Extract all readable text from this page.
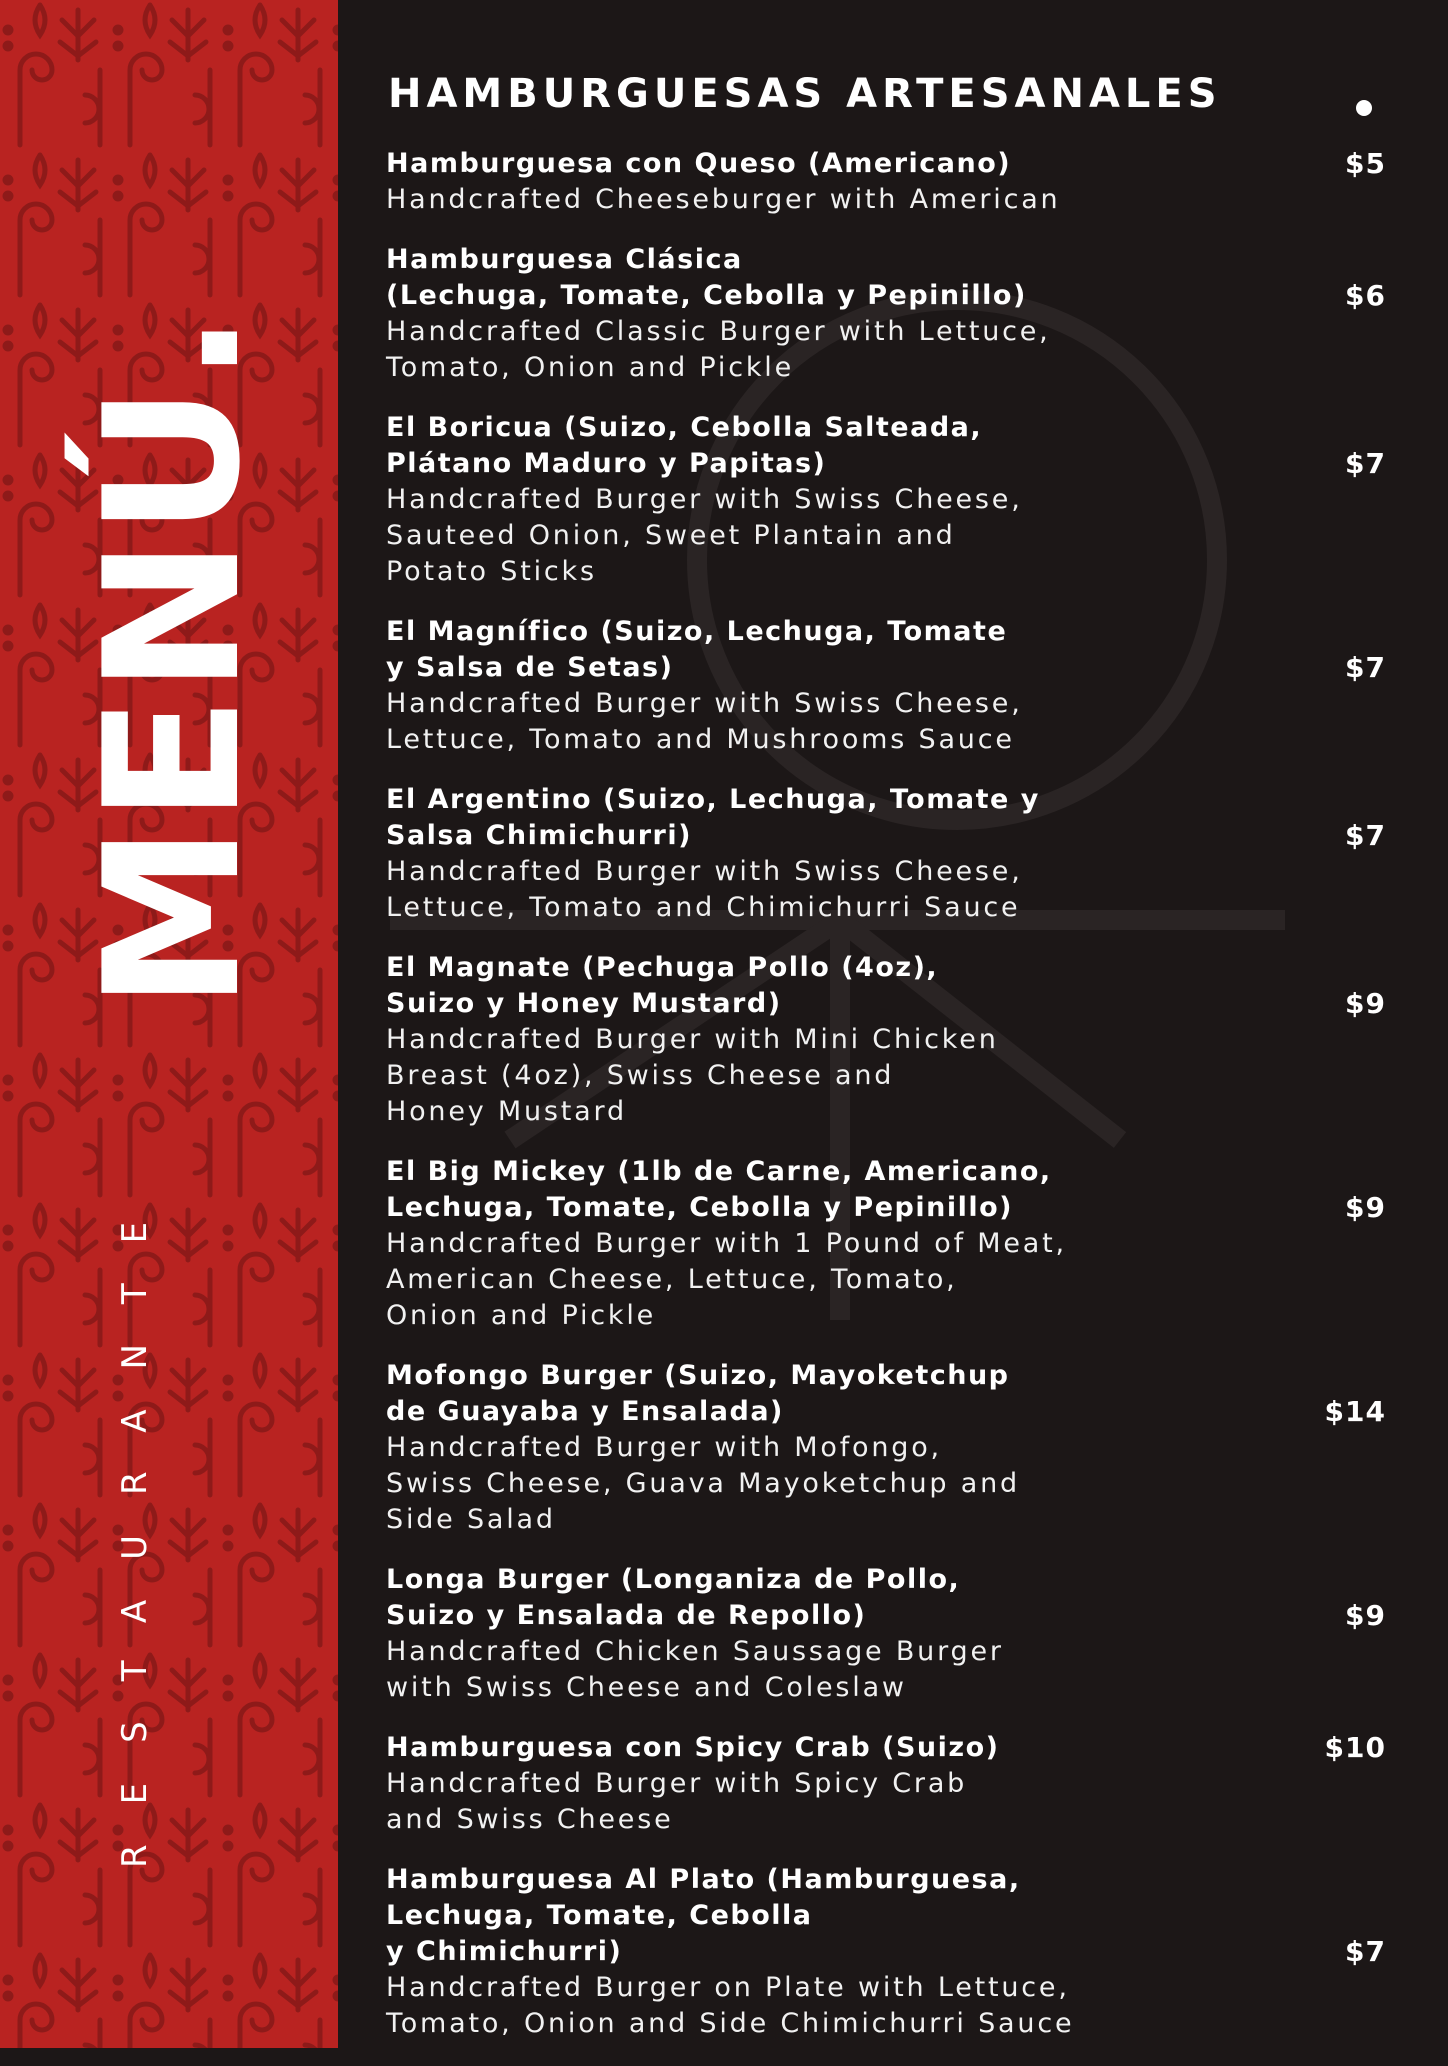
MENÚ.
RESTAURANTE
HAMBURGUESAS ARTESANALES
Hamburguesa con Queso (Americano)	$5
Handcrafted Cheeseburger with American
Hamburguesa Clásica
(Lechuga, Tomate, Cebolla y Pepinillo)	$6
Handcrafted Classic Burger with Lettuce,
Tomato, Onion and Pickle
El Boricua (Suizo, Cebolla Salteada,
Plátano Maduro y Papitas)	$7
Handcrafted Burger with Swiss Cheese,
Sauteed Onion, Sweet Plantain and
Potato Sticks
El Magnífico (Suizo, Lechuga, Tomate
y Salsa de Setas)	$7
Handcrafted Burger with Swiss Cheese,
Lettuce, Tomato and Mushrooms Sauce
El Argentino (Suizo, Lechuga, Tomate y
Salsa Chimichurri)	$7
Handcrafted Burger with Swiss Cheese,
Lettuce, Tomato and Chimichurri Sauce
El Magnate (Pechuga Pollo (4oz),
Suizo y Honey Mustard)	$9
Handcrafted Burger with Mini Chicken
Breast (4oz), Swiss Cheese and
Honey Mustard
El Big Mickey (1lb de Carne, Americano,
Lechuga, Tomate, Cebolla y Pepinillo)	$9
Handcrafted Burger with 1 Pound of Meat,
American Cheese, Lettuce, Tomato,
Onion and Pickle
Mofongo Burger (Suizo, Mayoketchup
de Guayaba y Ensalada)	$14
Handcrafted Burger with Mofongo,
Swiss Cheese, Guava Mayoketchup and
Side Salad
Longa Burger (Longaniza de Pollo,
Suizo y Ensalada de Repollo)	$9
Handcrafted Chicken Saussage Burger
with Swiss Cheese and Coleslaw
Hamburguesa con Spicy Crab (Suizo)	$10
Handcrafted Burger with Spicy Crab
and Swiss Cheese
Hamburguesa Al Plato (Hamburguesa,
Lechuga, Tomate, Cebolla
y Chimichurri)	$7
Handcrafted Burger on Plate with Lettuce,
Tomato, Onion and Side Chimichurri Sauce
